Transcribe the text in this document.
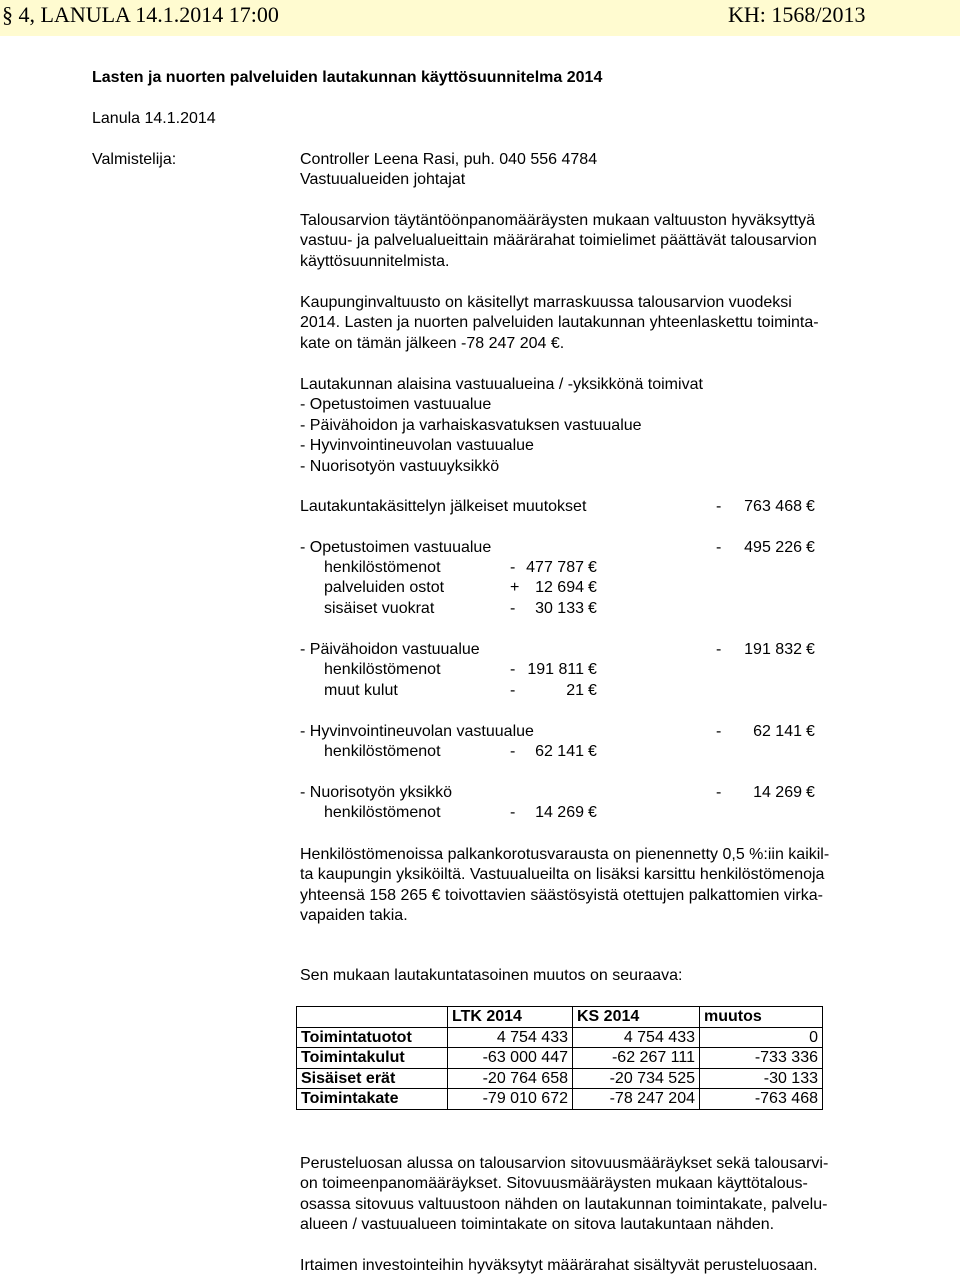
§ 4, LANULA 14.1.2014 17:00	KH: 1568/2013
Lasten ja nuorten palveluiden lautakunnan käyttösuunnitelma 2014
Lanula 14.1.2014
Valmistelija:	Controller Leena Rasi, puh. 040 556 4784
Vastuualueiden johtajat
Talousarvion täytäntöönpanomääräysten mukaan valtuuston hyväksyttyä
vastuu- ja palvelualueittain määrärahat toimielimet päättävät talousarvion
käyttösuunnitelmista.
Kaupunginvaltuusto on käsitellyt marraskuussa talousarvion vuodeksi
2014. Lasten ja nuorten palveluiden lautakunnan yhteenlaskettu toiminta-
kate on tämän jälkeen -78 247 204 €.
Lautakunnan alaisina vastuualueina / -yksikkönä toimivat
- Opetustoimen vastuualue
- Päivähoidon ja varhaiskasvatuksen vastuualue
- Hyvinvointineuvolan vastuualue
- Nuorisotyön vastuuyksikkö
Lautakuntakäsittelyn jälkeiset muutokset	-	763 468 €
- Opetustoimen vastuualue	-	495 226 €
henkilöstömenot	- 477 787 €
palveluiden ostot	+ 12 694 €
sisäiset vuokrat	-	30 133 €
- Päivähoidon vastuualue	-	191 832 €
henkilöstömenot	- 191 811 €
muut kulut	-	21 €
- Hyvinvointineuvolan vastuualue	-	62 141 €
henkilöstömenot	-	62 141 €
- Nuorisotyön yksikkö	-	14 269 €
henkilöstömenot	-	14 269 €
Henkilöstömenoissa palkankorotusvarausta on pienennetty 0,5 %:iin kaikil-
ta kaupungin yksiköiltä. Vastuualueilta on lisäksi karsittu henkilöstömenoja
yhteensä 158 265 € toivottavien säästösyistä otettujen palkattomien virka-
vapaiden takia.
Sen mukaan lautakuntatasoinen muutos on seuraava:
	LTK 2014	KS 2014	muutos
Toimintatuotot	4 754 433	4 754 433	0
Toimintakulut	-63 000 447	-62 267 111	-733 336
Sisäiset erät	-20 764 658	-20 734 525	-30 133
Toimintakate	-79 010 672	-78 247 204	-763 468
Perusteluosan alussa on talousarvion sitovuusmääräykset sekä talousarvi-
on toimeenpanomääräykset. Sitovuusmääräysten mukaan käyttötalous-
osassa sitovuus valtuustoon nähden on lautakunnan toimintakate, palvelu-
alueen / vastuualueen toimintakate on sitova lautakuntaan nähden.
Irtaimen investointeihin hyväksytyt määrärahat sisältyvät perusteluosaan.
